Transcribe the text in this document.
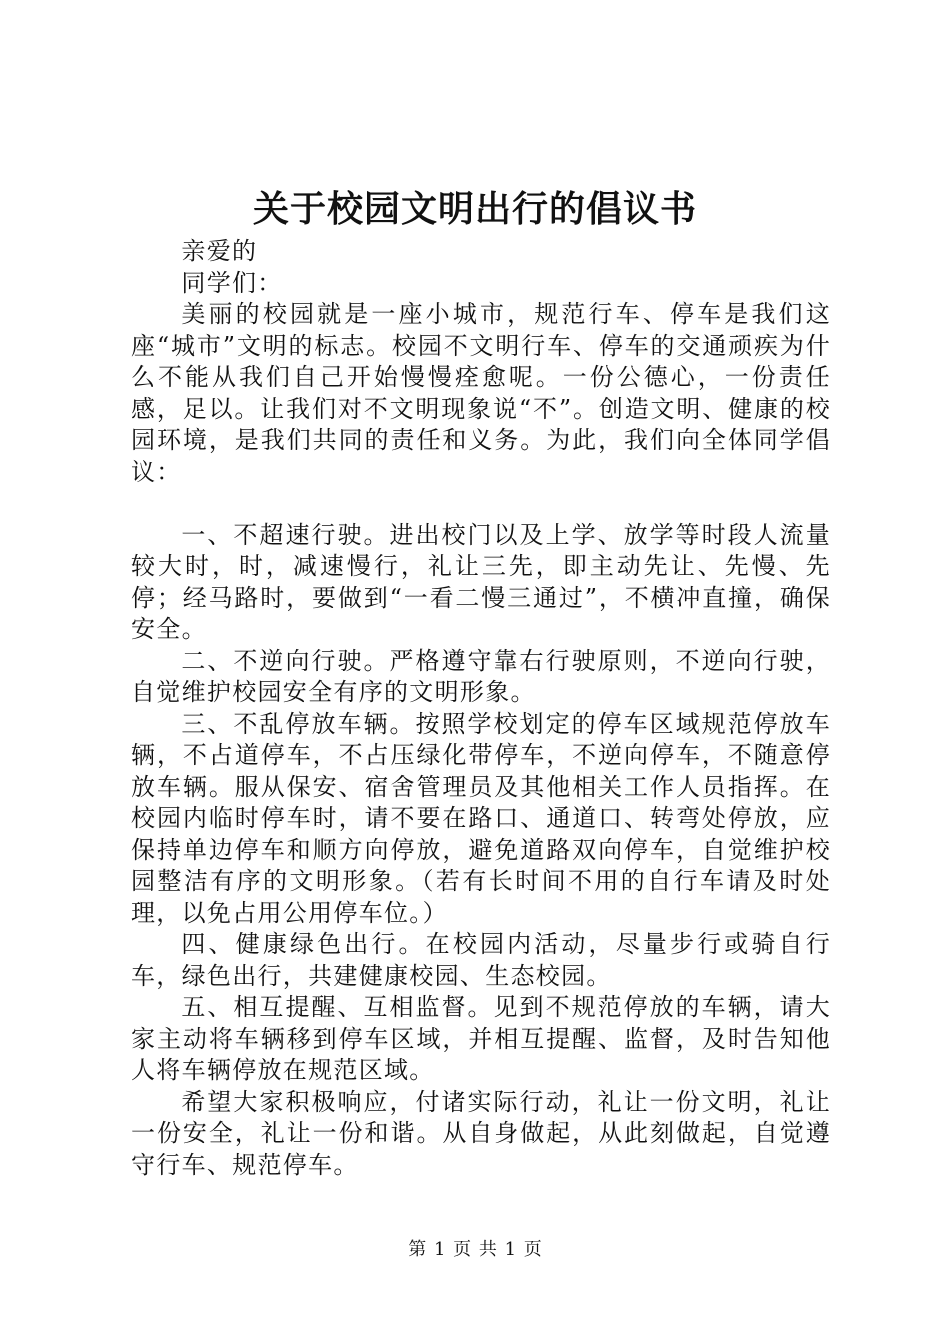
关于校园文明出行的倡议书

亲爱的

同学们：

美丽的校园就是一座小城市，规范行车、停车是我们这座“城市”文明的标志。校园不文明行车、停车的交通顽疾为什么不能从我们自己开始慢慢痊愈呢。一份公德心，一份责任感，足以。让我们对不文明现象说“不”。创造文明、健康的校园环境，是我们共同的责任和义务。为此，我们向全体同学倡议：

一、不超速行驶。进出校门以及上学、放学等时段人流量较大时，时，减速慢行，礼让三先，即主动先让、先慢、先停；经马路时，要做到“一看二慢三通过”，不横冲直撞，确保安全。

二、不逆向行驶。严格遵守靠右行驶原则，不逆向行驶，自觉维护校园安全有序的文明形象。

三、不乱停放车辆。按照学校划定的停车区域规范停放车辆，不占道停车，不占压绿化带停车，不逆向停车，不随意停放车辆。服从保安、宿舍管理员及其他相关工作人员指挥。在校园内临时停车时，请不要在路口、通道口、转弯处停放，应保持单边停车和顺方向停放，避免道路双向停车，自觉维护校园整洁有序的文明形象。（若有长时间不用的自行车请及时处理，以免占用公用停车位。）

四、健康绿色出行。在校园内活动，尽量步行或骑自行车，绿色出行，共建健康校园、生态校园。

五、相互提醒、互相监督。见到不规范停放的车辆，请大家主动将车辆移到停车区域，并相互提醒、监督，及时告知他人将车辆停放在规范区域。

希望大家积极响应，付诸实际行动，礼让一份文明，礼让一份安全，礼让一份和谐。从自身做起，从此刻做起，自觉遵守行车、规范停车。

第 1 页 共 1 页
